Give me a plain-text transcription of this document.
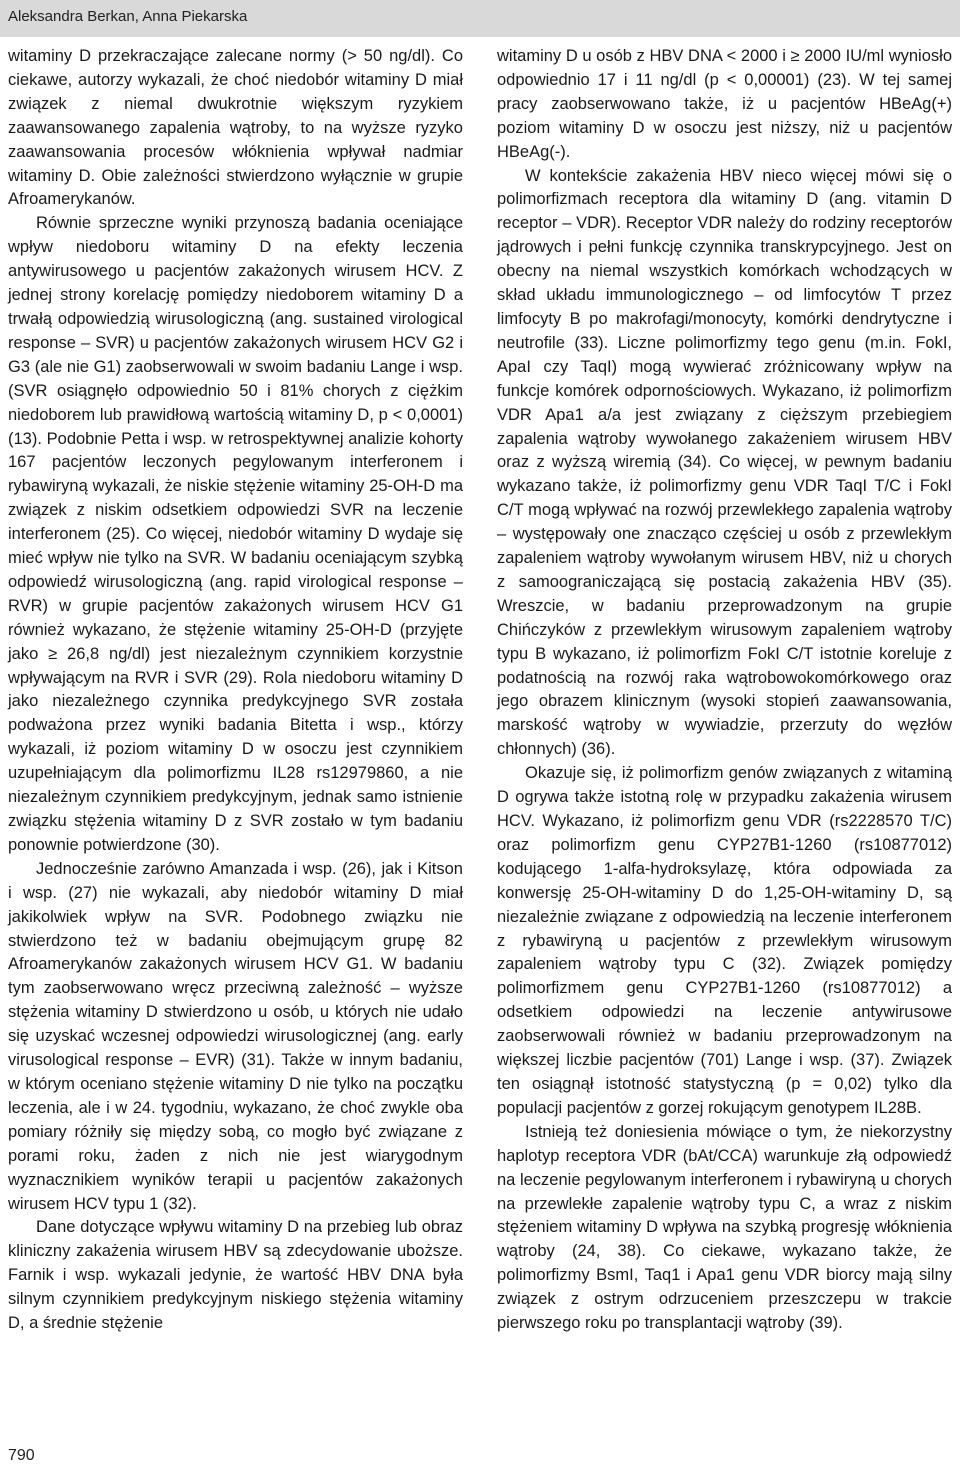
Aleksandra Berkan, Anna Piekarska

witaminy D przekraczające zalecane normy (> 50 ng/dl). Co ciekawe, autorzy wykazali, że choć niedobór witaminy D miał związek z niemal dwukrotnie większym ryzykiem zaawansowanego zapalenia wątroby, to na wyższe ryzyko zaawansowania procesów włóknienia wpływał nadmiar witaminy D. Obie zależności stwierdzono wyłącznie w grupie Afroamerykanów.

Równie sprzeczne wyniki przynoszą badania oceniające wpływ niedoboru witaminy D na efekty leczenia antywirusowego u pacjentów zakażonych wirusem HCV. Z jednej strony korelację pomiędzy niedoborem witaminy D a trwałą odpowiedzią wirusologiczną (ang. sustained virological response – SVR) u pacjentów zakażonych wirusem HCV G2 i G3 (ale nie G1) zaobserwowali w swoim badaniu Lange i wsp. (SVR osiągnęło odpowiednio 50 i 81% chorych z ciężkim niedoborem lub prawidłową wartością witaminy D, p < 0,0001) (13). Podobnie Petta i wsp. w retrospektywnej analizie kohorty 167 pacjentów leczonych pegylowanym interferonem i rybawiryną wykazali, że niskie stężenie witaminy 25-OH-D ma związek z niskim odsetkiem odpowiedzi SVR na leczenie interferonem (25). Co więcej, niedobór witaminy D wydaje się mieć wpływ nie tylko na SVR. W badaniu oceniającym szybką odpowiedź wirusologiczną (ang. rapid virological response – RVR) w grupie pacjentów zakażonych wirusem HCV G1 również wykazano, że stężenie witaminy 25-OH-D (przyjęte jako ≥ 26,8 ng/dl) jest niezależnym czynnikiem korzystnie wpływającym na RVR i SVR (29). Rola niedoboru witaminy D jako niezależnego czynnika predykcyjnego SVR została podważona przez wyniki badania Bitetta i wsp., którzy wykazali, iż poziom witaminy D w osoczu jest czynnikiem uzupełniającym dla polimorfizmu IL28 rs12979860, a nie niezależnym czynnikiem predykcyjnym, jednak samo istnienie związku stężenia witaminy D z SVR zostało w tym badaniu ponownie potwierdzone (30).

Jednocześnie zarówno Amanzada i wsp. (26), jak i Kitson i wsp. (27) nie wykazali, aby niedobór witaminy D miał jakikolwiek wpływ na SVR. Podobnego związku nie stwierdzono też w badaniu obejmującym grupę 82 Afroamerykanów zakażonych wirusem HCV G1. W badaniu tym zaobserwowano wręcz przeciwną zależność – wyższe stężenia witaminy D stwierdzono u osób, u których nie udało się uzyskać wczesnej odpowiedzi wirusologicznej (ang. early virusological response – EVR) (31). Także w innym badaniu, w którym oceniano stężenie witaminy D nie tylko na początku leczenia, ale i w 24. tygodniu, wykazano, że choć zwykle oba pomiary różniły się między sobą, co mogło być związane z porami roku, żaden z nich nie jest wiarygodnym wyznacznikiem wyników terapii u pacjentów zakażonych wirusem HCV typu 1 (32).

Dane dotyczące wpływu witaminy D na przebieg lub obraz kliniczny zakażenia wirusem HBV są zdecydowanie uboższe. Farnik i wsp. wykazali jedynie, że wartość HBV DNA była silnym czynnikiem predykcyjnym niskiego stężenia witaminy D, a średnie stężenie

witaminy D u osób z HBV DNA < 2000 i ≥ 2000 IU/ml wyniosło odpowiednio 17 i 11 ng/dl (p < 0,00001) (23). W tej samej pracy zaobserwowano także, iż u pacjentów HBeAg(+) poziom witaminy D w osoczu jest niższy, niż u pacjentów HBeAg(-).

W kontekście zakażenia HBV nieco więcej mówi się o polimorfizmach receptora dla witaminy D (ang. vitamin D receptor – VDR). Receptor VDR należy do rodziny receptorów jądrowych i pełni funkcję czynnika transkrypcyjnego. Jest on obecny na niemal wszystkich komórkach wchodzących w skład układu immunologicznego – od limfocytów T przez limfocyty B po makrofagi/monocyty, komórki dendrytyczne i neutrofile (33). Liczne polimorfizmy tego genu (m.in. FokI, ApaI czy TaqI) mogą wywierać zróżnicowany wpływ na funkcje komórek odpornościowych. Wykazano, iż polimorfizm VDR Apa1 a/a jest związany z cięższym przebiegiem zapalenia wątroby wywołanego zakażeniem wirusem HBV oraz z wyższą wiremią (34). Co więcej, w pewnym badaniu wykazano także, iż polimorfizmy genu VDR TaqI T/C i FokI C/T mogą wpływać na rozwój przewlekłego zapalenia wątroby – występowały one znacząco częściej u osób z przewlekłym zapaleniem wątroby wywołanym wirusem HBV, niż u chorych z samoograniczającą się postacią zakażenia HBV (35). Wreszcie, w badaniu przeprowadzonym na grupie Chińczyków z przewlekłym wirusowym zapaleniem wątroby typu B wykazano, iż polimorfizm FokI C/T istotnie koreluje z podatnością na rozwój raka wątrobowokomórkowego oraz jego obrazem klinicznym (wysoki stopień zaawansowania, marskość wątroby w wywiadzie, przerzuty do węzłów chłonnych) (36).

Okazuje się, iż polimorfizm genów związanych z witaminą D ogrywa także istotną rolę w przypadku zakażenia wirusem HCV. Wykazano, iż polimorfizm genu VDR (rs2228570 T/C) oraz polimorfizm genu CYP27B1-1260 (rs10877012) kodującego 1-alfa-hydroksylazę, która odpowiada za konwersję 25-OH-witaminy D do 1,25-OH-witaminy D, są niezależnie związane z odpowiedzią na leczenie interferonem z rybawiryną u pacjentów z przewlekłym wirusowym zapaleniem wątroby typu C (32). Związek pomiędzy polimorfizmem genu CYP27B1-1260 (rs10877012) a odsetkiem odpowiedzi na leczenie antywirusowe zaobserwowali również w badaniu przeprowadzonym na większej liczbie pacjentów (701) Lange i wsp. (37). Związek ten osiągnął istotność statystyczną (p = 0,02) tylko dla populacji pacjentów z gorzej rokującym genotypem IL28B.

Istnieją też doniesienia mówiące o tym, że niekorzystny haplotyp receptora VDR (bAt/CCA) warunkuje złą odpowiedź na leczenie pegylowanym interferonem i rybawiryną u chorych na przewlekłe zapalenie wątroby typu C, a wraz z niskim stężeniem witaminy D wpływa na szybką progresję włóknienia wątroby (24, 38). Co ciekawe, wykazano także, że polimorfizmy BsmI, Taq1 i Apa1 genu VDR biorcy mają silny związek z ostrym odrzuceniem przeszczepu w trakcie pierwszego roku po transplantacji wątroby (39).

790
